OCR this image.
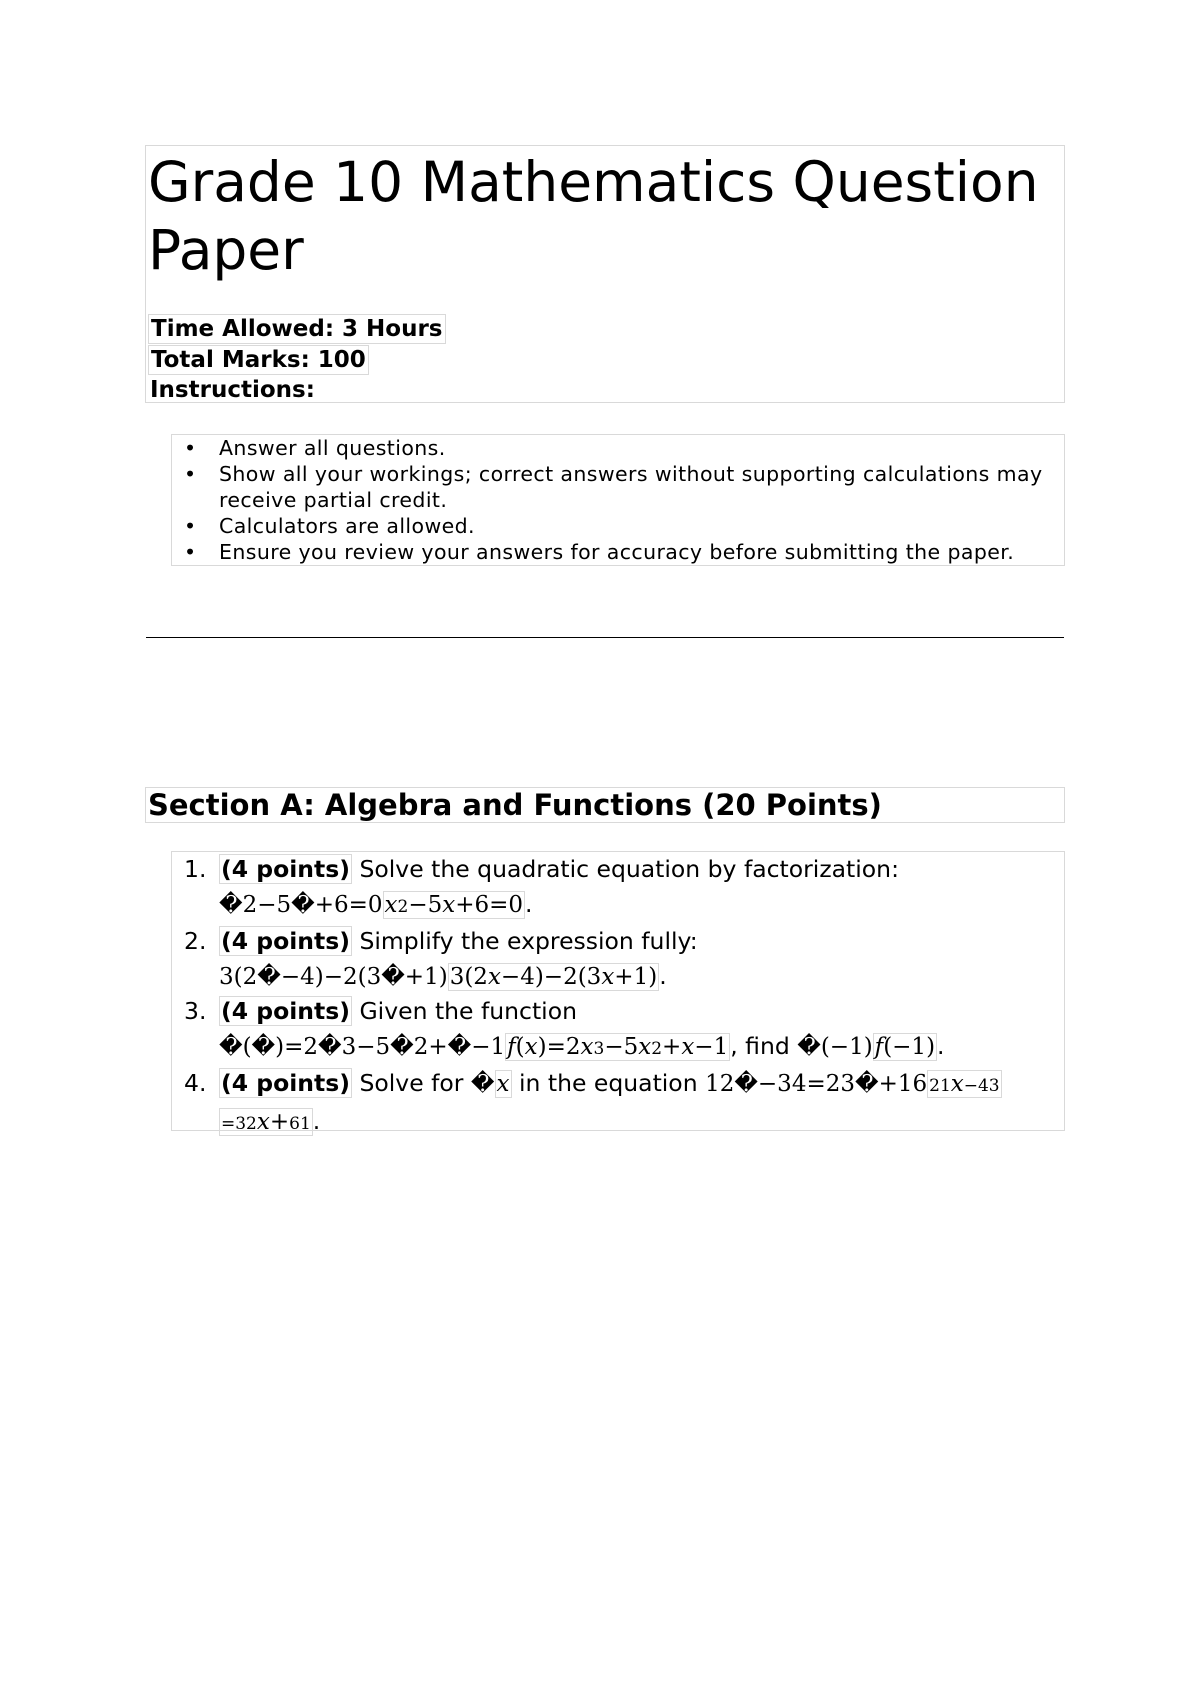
Grade 10 Mathematics Question Paper
Time Allowed: 3 Hours
Total Marks: 100
Instructions:
• Answer all questions.
• Show all your workings; correct answers without supporting calculations may receive partial credit.
• Calculators are allowed.
• Ensure you review your answers for accuracy before submitting the paper.
Section A: Algebra and Functions (20 Points)
1. (4 points) Solve the quadratic equation by factorization:
�2−5�+6=0x2−5x+6=0.
2. (4 points) Simplify the expression fully:
3(2�−4)−2(3�+1)3(2x−4)−2(3x+1).
3. (4 points) Given the function
�(�)=2�3−5�2+�−1f(x)=2x3−5x2+x−1, find �(−1)f(−1).
4. (4 points) Solve for �x in the equation 12�−34=23�+16 21x−43
=32x+61.
